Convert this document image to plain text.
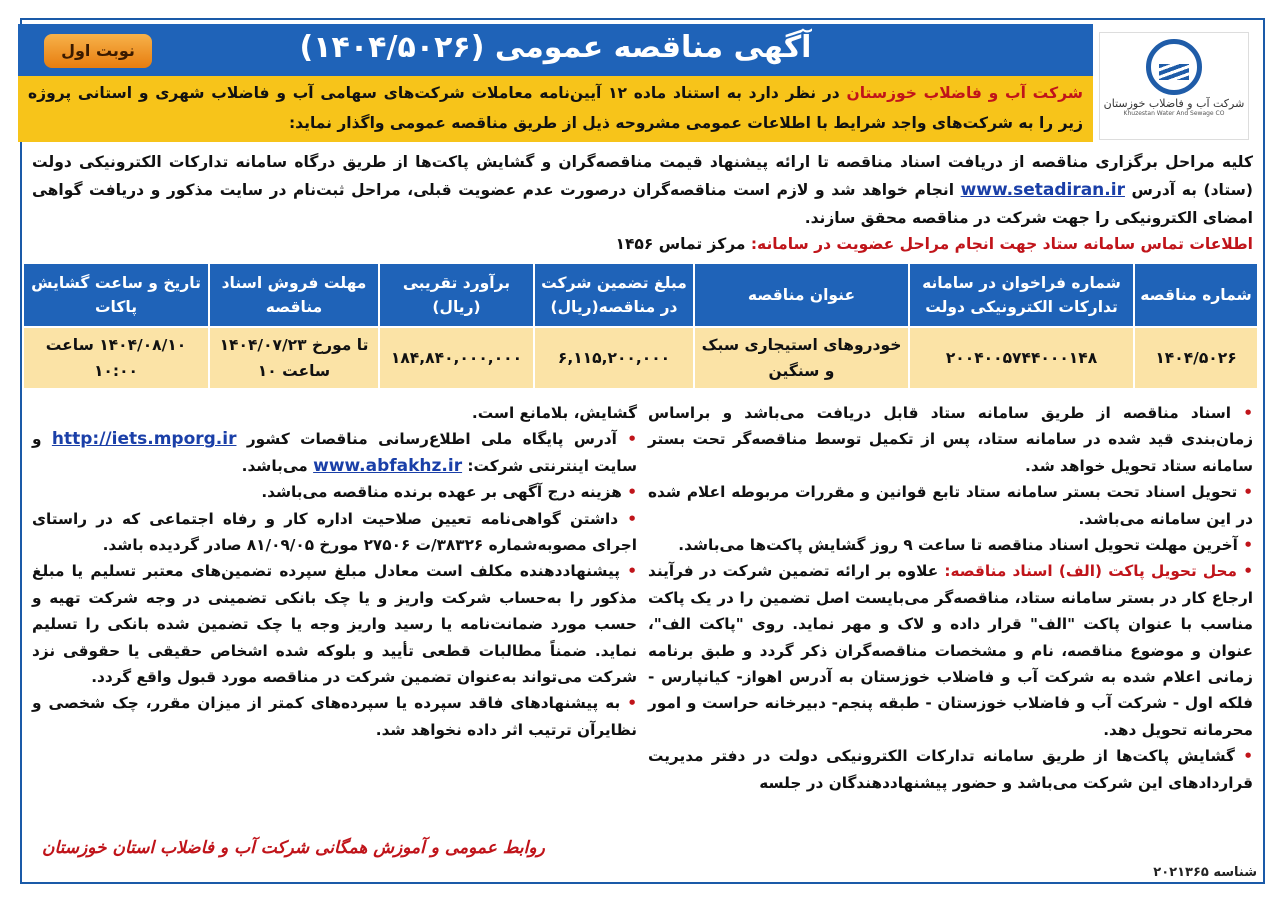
آگهی مناقصه عمومی (۱۴۰۴/۵۰۲۶)
نوبت اول
شرکت آب و فاضلاب خوزستان در نظر دارد به استناد ماده ۱۲ آیین‌نامه معاملات شرکت‌های سهامی آب و فاضلاب شهری و استانی پروژه زیر را به شرکت‌های واجد شرایط با اطلاعات عمومی مشروحه ذیل از طریق مناقصه عمومی واگذار نماید:
شرکت آب و فاضلاب خوزستان
Khuzestan Water And Sewage CO
کلیه مراحل برگزاری مناقصه از دریافت اسناد مناقصه تا ارائه پیشنهاد قیمت مناقصه‌گران و گشایش پاکت‌ها از طریق درگاه سامانه تدارکات الکترونیکی دولت (ستاد) به آدرس www.setadiran.ir انجام خواهد شد و لازم است مناقصه‌گران درصورت عدم عضویت قبلی، مراحل ثبت‌نام در سایت مذکور و دریافت گواهی امضای الکترونیکی را جهت شرکت در مناقصه محقق سازند.
اطلاعات تماس سامانه ستاد جهت انجام مراحل عضویت در سامانه: مرکز تماس ۱۴۵۶
شماره مناقصه	شماره فراخوان در سامانه تدارکات الکترونیکی دولت	عنوان مناقصه	مبلغ تضمین شرکت در مناقصه(ریال)	برآورد تقریبی (ریال)	مهلت فروش اسناد مناقصه	تاریخ و ساعت گشایش پاکات
۱۴۰۴/۵۰۲۶	۲۰۰۴۰۰۵۷۴۴۰۰۰۱۴۸	خودروهای استیجاری سبک و سنگین	۶,۱۱۵,۲۰۰,۰۰۰	۱۸۴,۸۴۰,۰۰۰,۰۰۰	تا مورخ ۱۴۰۴/۰۷/۲۳ ساعت ۱۰	۱۴۰۴/۰۸/۱۰ ساعت ۱۰:۰۰

• اسناد مناقصه از طریق سامانه ستاد قابل دریافت می‌باشد و براساس زمان‌بندی قید شده در سامانه ستاد، پس از تکمیل توسط مناقصه‌گر تحت بستر سامانه ستاد تحویل خواهد شد.

• تحویل اسناد تحت بستر سامانه ستاد تابع قوانین و مقررات مربوطه اعلام شده در این سامانه می‌باشد.

• آخرین مهلت تحویل اسناد مناقصه تا ساعت ۹ روز گشایش پاکت‌ها می‌باشد.

• محل تحویل پاکت (الف) اسناد مناقصه: علاوه بر ارائه تضمین شرکت در فرآیند ارجاع کار در بستر سامانه ستاد، مناقصه‌گر می‌بایست اصل تضمین را در یک پاکت مناسب با عنوان پاکت "الف" قرار داده و لاک و مهر نماید. روی "پاکت الف"، عنوان و موضوع مناقصه، نام و مشخصات مناقصه‌گران ذکر گردد و طبق برنامه زمانی اعلام شده به شرکت آب و فاضلاب خوزستان به آدرس اهواز- کیانپارس - فلکه اول - شرکت آب و فاضلاب خوزستان - طبقه پنجم- دبیرخانه حراست و امور محرمانه تحویل دهد.

• گشایش پاکت‌ها از طریق سامانه تدارکات الکترونیکی دولت در دفتر مدیریت قراردادهای این شرکت می‌باشد و حضور پیشنهاددهندگان در جلسه

گشایش، بلامانع است.

• آدرس پایگاه ملی اطلاع‌رسانی مناقصات کشور http://iets.mporg.ir و سایت اینترنتی شرکت: www.abfakhz.ir می‌باشد.

• هزینه درج آگهی بر عهده برنده مناقصه می‌باشد.

• داشتن گواهی‌نامه تعیین صلاحیت اداره کار و رفاه اجتماعی که در راستای اجرای مصوبه‌شماره ۳۸۳۲۶/ت ۲۷۵۰۶ مورخ ۸۱/۰۹/۰۵ صادر گردیده باشد.

• پیشنهاددهنده مکلف است معادل مبلغ سپرده تضمین‌های معتبر تسلیم یا مبلغ مذکور را به‌حساب شرکت واریز و یا چک بانکی تضمینی در وجه شرکت تهیه و حسب مورد ضمانت‌نامه یا رسید واریز وجه یا چک تضمین شده بانکی را تسلیم نماید. ضمناً مطالبات قطعی تأیید و بلوکه شده اشخاص حقیقی یا حقوقی نزد شرکت می‌تواند به‌عنوان تضمین شرکت در مناقصه مورد قبول واقع گردد.

• به پیشنهادهای فاقد سپرده یا سپرده‌های کمتر از میزان مقرر، چک شخصی و نظایرآن ترتیب اثر داده نخواهد شد.

روابط عمومی و آموزش همگانی شرکت آب و فاضلاب استان خوزستان
شناسه ۲۰۲۱۳۶۵
